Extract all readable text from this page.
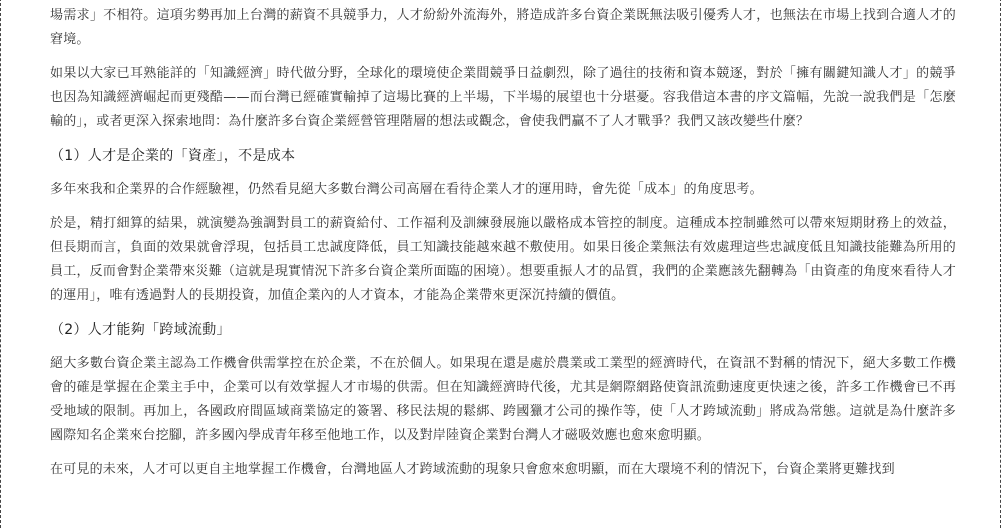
場需求」不相符。這項劣勢再加上台灣的薪資不具競爭力，人才紛紛外流海外，將造成許多台資企業既無法吸引優秀人才，也無法在市場上找到合適人才的窘境。

如果以大家已耳熟能詳的「知識經濟」時代做分野，全球化的環境使企業間競爭日益劇烈，除了過往的技術和資本競逐，對於「擁有關鍵知識人才」的競爭也因為知識經濟崛起而更殘酷——而台灣已經確實輸掉了這場比賽的上半場，下半場的展望也十分堪憂。容我借這本書的序文篇幅，先說一說我們是「怎麼輸的」，或者更深入探索地問：為什麼許多台資企業經營管理階層的想法或觀念，會使我們贏不了人才戰爭？我們又該改變些什麼？

（1）人才是企業的「資產」，不是成本

多年來我和企業界的合作經驗裡，仍然看見絕大多數台灣公司高層在看待企業人才的運用時，會先從「成本」的角度思考。

於是，精打細算的結果，就演變為強調對員工的薪資給付、工作福利及訓練發展施以嚴格成本管控的制度。這種成本控制雖然可以帶來短期財務上的效益，但長期而言，負面的效果就會浮現，包括員工忠誠度降低，員工知識技能越來越不敷使用。如果日後企業無法有效處理這些忠誠度低且知識技能難為所用的員工，反而會對企業帶來災難（這就是現實情況下許多台資企業所面臨的困境）。想要重振人才的品質，我們的企業應該先翻轉為「由資產的角度來看待人才的運用」，唯有透過對人的長期投資，加值企業內的人才資本，才能為企業帶來更深沉持續的價值。

（2）人才能夠「跨域流動」

絕大多數台資企業主認為工作機會供需掌控在於企業，不在於個人。如果現在還是處於農業或工業型的經濟時代，在資訊不對稱的情況下，絕大多數工作機會的確是掌握在企業主手中，企業可以有效掌握人才市場的供需。但在知識經濟時代後，尤其是網際網路使資訊流動速度更快速之後，許多工作機會已不再受地域的限制。再加上，各國政府間區域商業協定的簽署、移民法規的鬆綁、跨國獵才公司的操作等，使「人才跨域流動」將成為常態。這就是為什麼許多國際知名企業來台挖腳，許多國內學成青年移至他地工作，以及對岸陸資企業對台灣人才磁吸效應也愈來愈明顯。

在可見的未來，人才可以更自主地掌握工作機會，台灣地區人才跨域流動的現象只會愈來愈明顯，而在大環境不利的情況下，台資企業將更難找到
